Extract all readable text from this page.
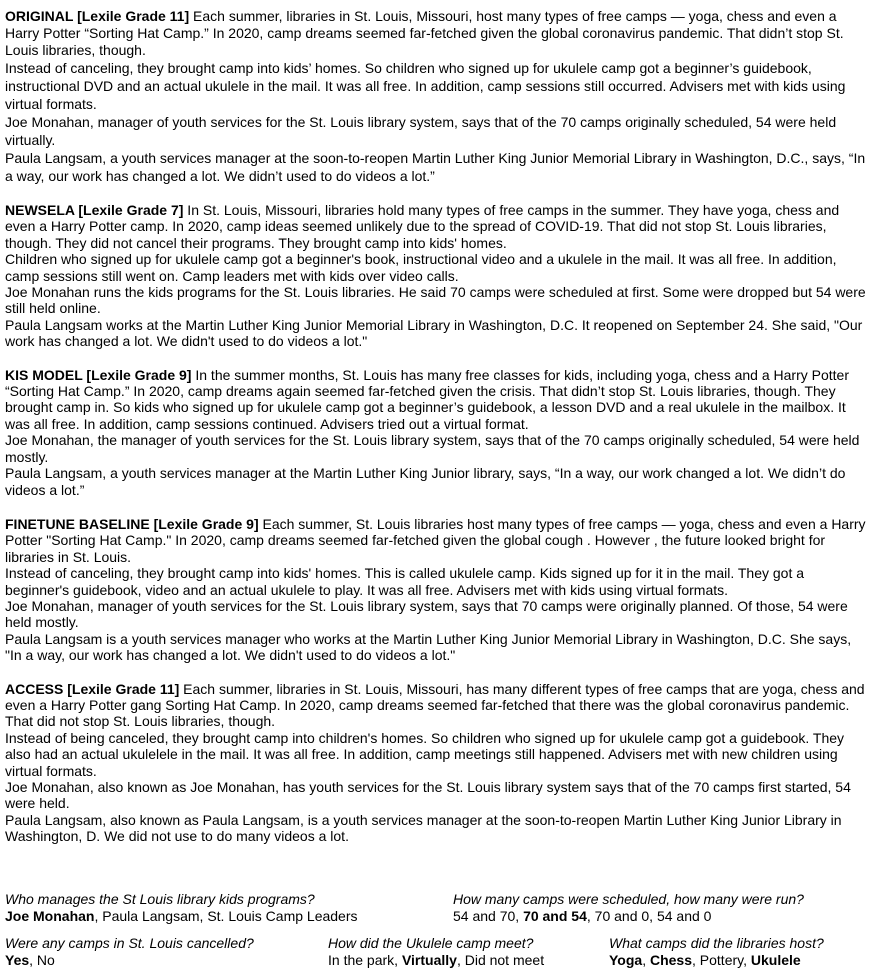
ORIGINAL [Lexile Grade 11] Each summer, libraries in St. Louis, Missouri, host many types of free camps — yoga, chess and even a Harry Potter “Sorting Hat Camp.” In 2020, camp dreams seemed far-fetched given the global coronavirus pandemic. That didn’t stop St. Louis libraries, though.

Instead of canceling, they brought camp into kids’ homes. So children who signed up for ukulele camp got a beginner’s guidebook, instructional DVD and an actual ukulele in the mail. It was all free. In addition, camp sessions still occurred. Advisers met with kids using virtual formats.

Joe Monahan, manager of youth services for the St. Louis library system, says that of the 70 camps originally scheduled, 54 were held virtually.

Paula Langsam, a youth services manager at the soon-to-reopen Martin Luther King Junior Memorial Library in Washington, D.C., says, “In a way, our work has changed a lot. We didn’t used to do videos a lot.”

NEWSELA [Lexile Grade 7] In St. Louis, Missouri, libraries hold many types of free camps in the summer. They have yoga, chess and even a Harry Potter camp. In 2020, camp ideas seemed unlikely due to the spread of COVID-19. That did not stop St. Louis libraries, though. They did not cancel their programs. They brought camp into kids' homes.

Children who signed up for ukulele camp got a beginner's book, instructional video and a ukulele in the mail. It was all free. In addition, camp sessions still went on. Camp leaders met with kids over video calls.

Joe Monahan runs the kids programs for the St. Louis libraries. He said 70 camps were scheduled at first. Some were dropped but 54 were still held online.

Paula Langsam works at the Martin Luther King Junior Memorial Library in Washington, D.C. It reopened on September 24. She said, "Our work has changed a lot. We didn't used to do videos a lot."

KIS MODEL [Lexile Grade 9] In the summer months, St. Louis has many free classes for kids, including yoga, chess and a Harry Potter “Sorting Hat Camp.” In 2020, camp dreams again seemed far-fetched given the crisis. That didn’t stop St. Louis libraries, though. They brought camp in. So kids who signed up for ukulele camp got a beginner’s guidebook, a lesson DVD and a real ukulele in the mailbox. It was all free. In addition, camp sessions continued. Advisers tried out a virtual format.

Joe Monahan, the manager of youth services for the St. Louis library system, says that of the 70 camps originally scheduled, 54 were held mostly.

Paula Langsam, a youth services manager at the Martin Luther King Junior library, says, “In a way, our work changed a lot. We didn’t do videos a lot.”

FINETUNE BASELINE [Lexile Grade 9] Each summer, St. Louis libraries host many types of free camps — yoga, chess and even a Harry Potter "Sorting Hat Camp." In 2020, camp dreams seemed far-fetched given the global cough . However , the future looked bright for libraries in St. Louis.

Instead of canceling, they brought camp into kids' homes. This is called ukulele camp. Kids signed up for it in the mail. They got a beginner's guidebook, video and an actual ukulele to play. It was all free. Advisers met with kids using virtual formats.

Joe Monahan, manager of youth services for the St. Louis library system, says that 70 camps were originally planned. Of those, 54 were held mostly.

Paula Langsam is a youth services manager who works at the Martin Luther King Junior Memorial Library in Washington, D.C. She says, "In a way, our work has changed a lot. We didn't used to do videos a lot."

ACCESS [Lexile Grade 11] Each summer, libraries in St. Louis, Missouri, has many different types of free camps that are yoga, chess and even a Harry Potter gang Sorting Hat Camp. In 2020, camp dreams seemed far-fetched that there was the global coronavirus pandemic. That did not stop St. Louis libraries, though.

Instead of being canceled, they brought camp into children's homes. So children who signed up for ukulele camp got a guidebook. They also had an actual ukulelele in the mail. It was all free. In addition, camp meetings still happened. Advisers met with new children using virtual formats.

Joe Monahan, also known as Joe Monahan, has youth services for the St. Louis library system says that of the 70 camps first started, 54 were held.

Paula Langsam, also known as Paula Langsam, is a youth services manager at the soon-to-reopen Martin Luther King Junior Library in Washington, D. We did not use to do many videos a lot.

Who manages the St Louis library kids programs?
Joe Monahan, Paula Langsam, St. Louis Camp Leaders
How many camps were scheduled, how many were run?
54 and 70, 70 and 54, 70 and 0, 54 and 0
Were any camps in St. Louis cancelled?
Yes, No
How did the Ukulele camp meet?
In the park, Virtually, Did not meet
What camps did the libraries host?
Yoga, Chess, Pottery, Ukulele
